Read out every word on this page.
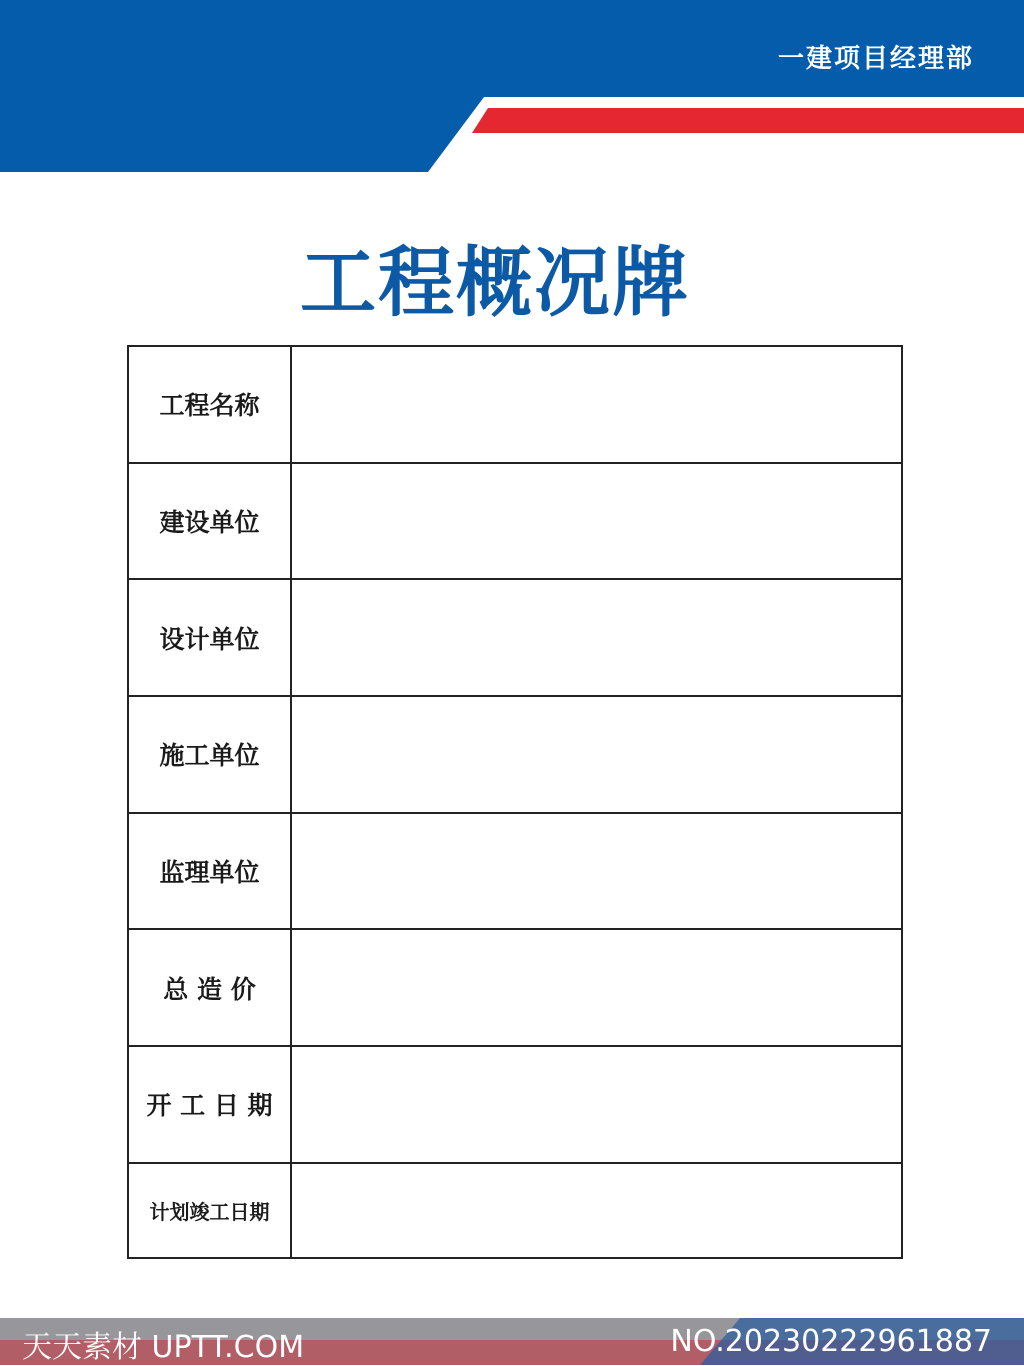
一建项目经理部
工程概况牌
工程名称	
建设单位	
设计单位	
施工单位	
监理单位	
总 造 价	
开 工 日 期	
计划竣工日期	
天天素材 UPTT.COM	NO.20230222961887
